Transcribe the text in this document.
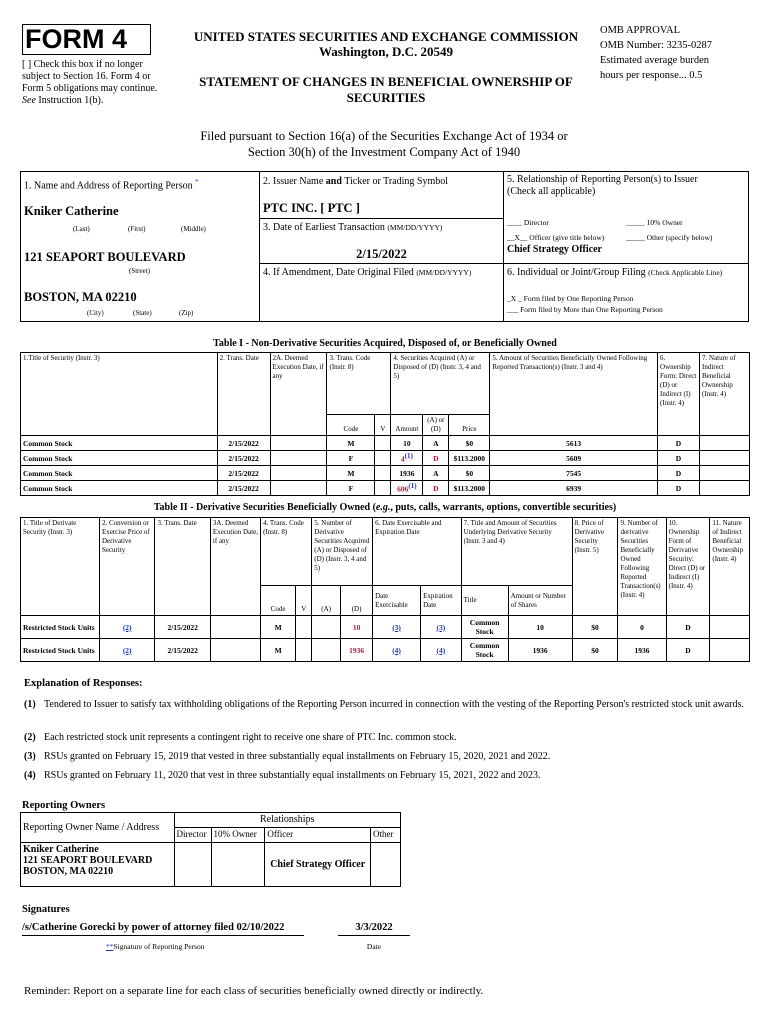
FORM 4
[ ] Check this box if no longer subject to Section 16. Form 4 or Form 5 obligations may continue. See Instruction 1(b).
UNITED STATES SECURITIES AND EXCHANGE COMMISSION
Washington, D.C. 20549
STATEMENT OF CHANGES IN BENEFICIAL OWNERSHIP OF SECURITIES
OMB APPROVAL
OMB Number: 3235-0287
Estimated average burden
hours per response... 0.5
Filed pursuant to Section 16(a) of the Securities Exchange Act of 1934 or
Section 30(h) of the Investment Company Act of 1940
1. Name and Address of Reporting Person *
Kniker Catherine
(Last)	(First)	(Middle)
121 SEAPORT BOULEVARD
(Street)
BOSTON, MA 02210
(City)	(State)	(Zip)
2. Issuer Name and Ticker or Trading Symbol
PTC INC. [ PTC ]
3. Date of Earliest Transaction (MM/DD/YYYY)
2/15/2022
4. If Amendment, Date Original Filed (MM/DD/YYYY)
5. Relationship of Reporting Person(s) to Issuer
(Check all applicable)
____ Director	_____ 10% Owner
__X__ Officer (give title below)	_____ Other (specify below)
Chief Strategy Officer
6. Individual or Joint/Group Filing (Check Applicable Line)
_X _ Form filed by One Reporting Person
___ Form filed by More than One Reporting Person
Table I - Non-Derivative Securities Acquired, Disposed of, or Beneficially Owned
1.Title of Security (Instr. 3)	2. Trans. Date	2A. Deemed Execution Date, if any	3. Trans. Code (Instr. 8)		4. Securities Acquired (A) or Disposed of (D) (Instr. 3, 4 and 5)			5. Amount of Securities Beneficially Owned Following Reported Transaction(s) (Instr. 3 and 4)	6. Ownership Form: Direct (D) or Indirect (I) (Instr. 4)	7. Nature of Indirect Beneficial Ownership (Instr. 4)
			Code	V	Amount	(A) or (D)	Price			
Common Stock	2/15/2022		M		10	A	$0	5613	D	
Common Stock	2/15/2022		F		4$^{(1)}$	D	$113.2000	5609	D	
Common Stock	2/15/2022		M		1936	A	$0	7545	D	
Common Stock	2/15/2022		F		606$^{(1)}$	D	$113.2000	6939	D	
Table II - Derivative Securities Beneficially Owned (e.g., puts, calls, warrants, options, convertible securities)
1. Title of Derivate Security (Instr. 3)	2. Conversion or Exercise Price of Derivative Security	3. Trans. Date	3A. Deemed Execution Date, if any	4. Trans. Code (Instr. 8)		5. Number of Derivative Securities Acquired (A) or Disposed of (D) (Instr. 3, 4 and 5)		6. Date Exercisable and Expiration Date		7. Title and Amount of Securities Underlying Derivative Security (Instr. 3 and 4)		8. Price of Derivative Security (Instr. 5)	9. Number of derivative Securities Beneficially Owned Following Reported Transaction(s) (Instr. 4)	10. Ownership Form of Derivative Security: Direct (D) or Indirect (I) (Instr. 4)	11. Nature of Indirect Beneficial Ownership (Instr. 4)
				Code	V	(A)	(D)	Date Exercisable	Expiration Date	Title	Amount or Number of Shares				
Restricted Stock Units	(2)	2/15/2022		M			10	(3)	(3)	Common Stock	10	$0	0	D	
Restricted Stock Units	(2)	2/15/2022		M			1936	(4)	(4)	Common Stock	1936	$0	1936	D	
Explanation of Responses:
(1) Tendered to Issuer to satisfy tax withholding obligations of the Reporting Person incurred in connection with the vesting of the Reporting Person's restricted stock unit awards.
(2) Each restricted stock unit represents a contingent right to receive one share of PTC Inc. common stock.
(3) RSUs granted on February 15, 2019 that vested in three substantially equal installments on February 15, 2020, 2021 and 2022.
(4) RSUs granted on February 11, 2020 that vest in three substantially equal installments on February 15, 2021, 2022 and 2023.
Reporting Owners
Reporting Owner Name / Address	Relationships			
	Director	10% Owner	Officer	Other

Kniker Catherine
121 SEAPORT BOULEVARD
BOSTON, MA 02210			Chief Strategy Officer	
Signatures
/s/Catherine Gorecki by power of attorney filed 02/10/2022	3/3/2022
**Signature of Reporting Person	Date
Reminder: Report on a separate line for each class of securities beneficially owned directly or indirectly.
